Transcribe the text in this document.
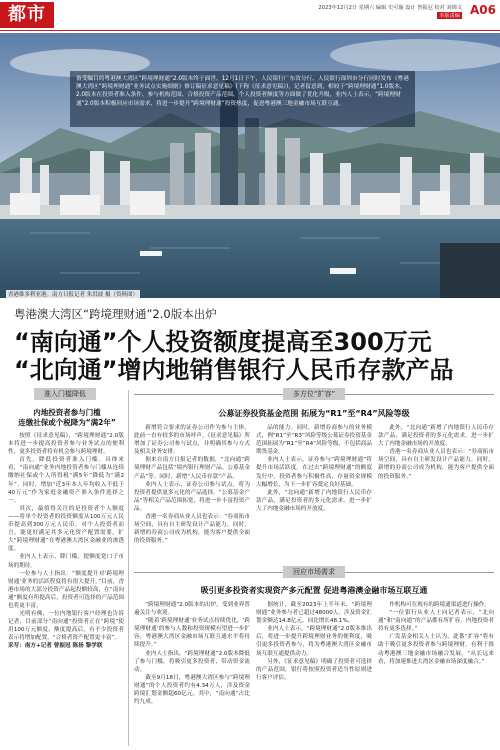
都市	2023年12月2日 星期六 编辑 史可璇 设计 曾振冠 校对 刘锦文
本版责编 A06
备受瞩目的粤港澳大湾区“跨境理财通”2.0版本终于面世。12月1日下午，人民银行广东省分行、人民银行深圳市分行同时发布《粤港澳大湾区“跨境理财通”业务试点实施细则》修订稿征求意见稿》(下称《征求意见稿》)，记者留意到，相较于“跨境理财通”1.0版本，2.0版本在投资者准入条件、参与机构范围、合格投资产品范围、个人投资者额度等方面做了优化升级，业内人士表示，“跨境理财通”2.0版本积极回应市场需求，将进一步提升“跨境理财通”投资热度，促进粤港澳三地金融市场互联互通。
香港维多利亚港。南方日报记者 朱洪波 摄（资料图）
粤港澳大湾区“跨境理财通”2.0版本出炉
“南向通”个人投资额度提高至300万元
“北向通”增内地销售银行人民币存款产品
准入门槛降低
内地投资者参与门槛
连缴社保或个税降为“满2年”

按照《征求意见稿》，“跨境理财通”2.0版本将进一步提高投资者参与业务试点的便利性，更多投资者将有机会参与跨境理财。

首先，降低投资者准入门槛。具体来看，“南向通”业务内地投资者参与门槛从连续缴纳社保或个人所得税“满5年”降低为“满2年”。同时，增加“近3年本人年均收入不低于40万元”作为家庭金融资产准入条件选择之一。

其次，最值得关注的是投资者个人额度——将单个投资者的投资额度从100万元人民币提高到300万元人民币。对个人投资者而言，能更好满足其多元化资产配置需要，扩大“跨境理财通”在粤港澳大湾区金融业的渗透度。

业内人士表示，降门槛、提额度宽口子市场的期待。

一位参与人士指出：“额度提升对‘跨境理财通’业务的活跃程度将有很大提升。”目前，香港市场的大部分投资产品起投额较高，在“南向通”额度有所提高后，投资者可选择的产品范围也将更丰富。

光明有佛，一位内地银行客户经理也告诉记者，目前部分“南向通”投资者正在“跨境”使用100万元额度。额度提高后，有不少投资者表示将增加配置，“合格者资产配置更丰富”。

采写：南方+记者 曾振冠 陈扬 黎学联

多方位“扩容”
公募证券投资基金范围 拓展为“R1”至“R4”风险等级

新增符合要求的证券公司作为参与主体。此前一直有较多的市场呼声。《征求意见稿》所增加了证券公司参与试点，并明确其参与方式及相关业务安排。

据来自南方日报记者的数据，“北向通”跨境理财产品包括“境内银行理财产品、公募基金产品”等。同时，新增“人民币存款”产品。

业内人士表示，证券公司参与试点，将为投资者提供更多元化的产品选择。“公募基金产品”等相关产品范围拓宽，将进一步丰富投资产品。

香港一名券商从业人员也表示：“券商拓市场空间，具有自主研发设计产品能力，同时，新增的券商公司成为机构，能为客户提供全面的投资服务。”

品的能力。同时，新增券商参与的业务模式，例“R1”至“R3”风险等级公募证券投资基金范围拓展为“R1”至“R4”风险等级，不包括商品期货基金。

业内人士表示，证券参与“跨境理财通”将提升市场活跃度。在过去“跨境理财通”的额度发行中，投资者参与积极性高，存量资金规模大幅增长，为下一步扩容奠定良好基础。

此外，“北向通”新增了内地银行人民币存款产品，满足投资者的多元化需求，进一步扩大了内地金融市场的开放度。

此外，“北向通”新增了内地银行人民币存款产品，满足投资者的多元化需求，进一步扩大了内地金融市场的开放度。

香港一名券商从业人员也表示：“券商拓市场空间，具有自主研发设计产品能力，同时，新增的券商公司成为机构，能为客户提供全面的投资服务。”

回应市场需求
吸引更多投资者实现资产多元配置 促进粤港澳金融市场互联互通

“跨境理财通”2.0版本的出炉，受到业界普遍关注与欢迎。

“随着‘跨境理财通’业务试点持续优化，‘跨境理财通’的参与人数和投资规模有望进一步扩容，粤港澳大湾区金融市场互联互通水平将持续提升。”

业内人士指出，“跨境理财通”2.0版本降低了参与门槛，将吸引更多投资者，带动资金流动。

截至9月18日，粤港澳大湾区参与“跨境理财通”的个人投资者约有4.34万人，涉及资金跨境汇划金额超60亿元。其中，“南向通”占比约九成。

据统计，截至2023年上半年末，“跨境理财通”业务参与者已超过48000人，涉及资金汇划金额达14.8亿元，同比增长48.1%。

业内人士表示，“跨境理财通”2.0版本推出后，将进一步提升跨境理财业务的便利度，吸引更多投资者参与，将为粤港澳大湾区金融市场互联互通提供动力。

另外，《征求意见稿》明确了投资者可选择的产品范围，银行将按照投资者适当性原则进行客户评估。

作机构可在现有的跨境通渠道进行操作。

“一位银行从业人士向记者表示，“北向通”和“南向通”的产品都有所扩容，内地投资者将有更多选择。”

广发基金相关人士认为，此番“扩容”将有助于吸引更多投资者参与跨境理财，有利于推动粤港澳三地金融市场融合发展。“从长远来看，将加速推进大湾区金融市场深度融合。”
